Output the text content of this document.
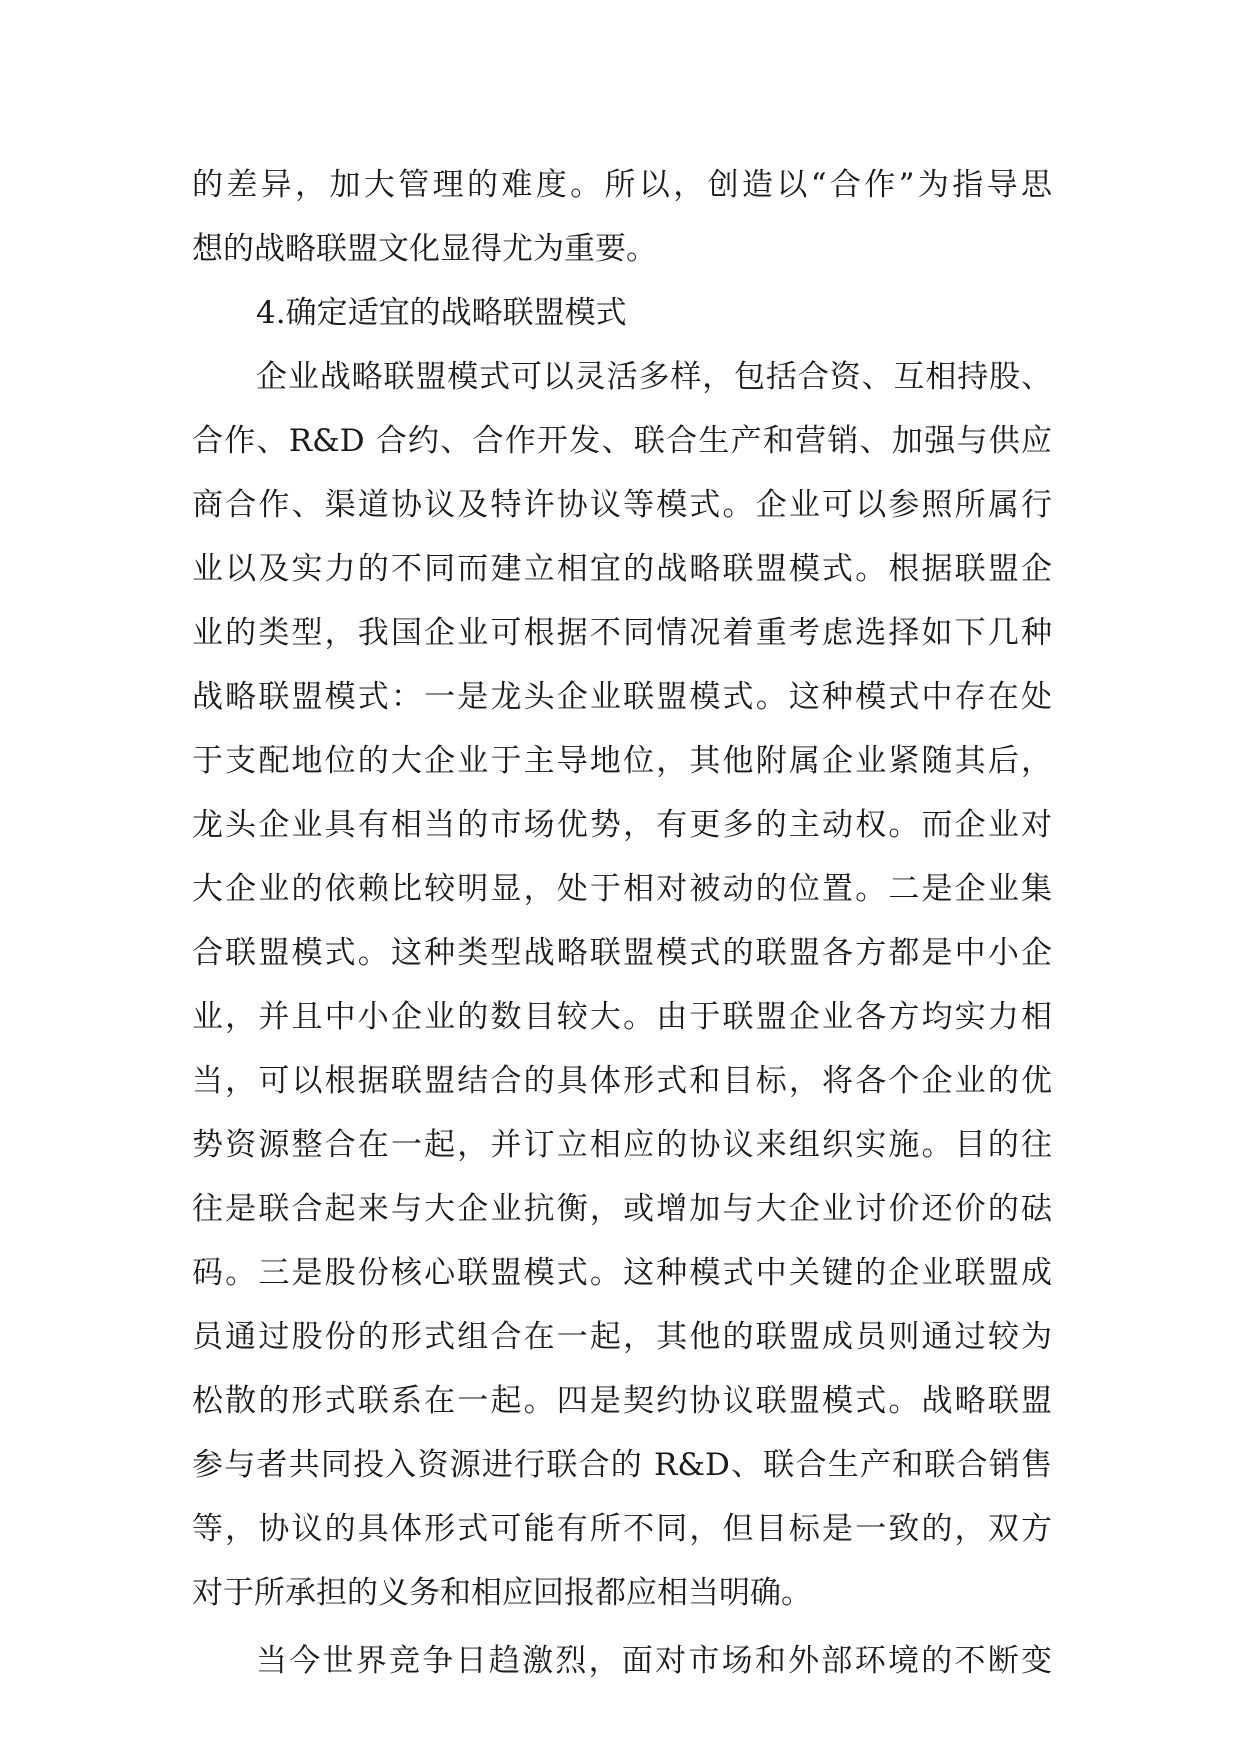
的差异，加大管理的难度。所以，创造以“合作”为指导思
想的战略联盟文化显得尤为重要。
4.确定适宜的战略联盟模式
企业战略联盟模式可以灵活多样，包括合资、互相持股、
合作、R&D 合约、合作开发、联合生产和营销、加强与供应
商合作、渠道协议及特许协议等模式。企业可以参照所属行
业以及实力的不同而建立相宜的战略联盟模式。根据联盟企
业的类型，我国企业可根据不同情况着重考虑选择如下几种
战略联盟模式：一是龙头企业联盟模式。这种模式中存在处
于支配地位的大企业于主导地位，其他附属企业紧随其后，
龙头企业具有相当的市场优势，有更多的主动权。而企业对
大企业的依赖比较明显，处于相对被动的位置。二是企业集
合联盟模式。这种类型战略联盟模式的联盟各方都是中小企
业，并且中小企业的数目较大。由于联盟企业各方均实力相
当，可以根据联盟结合的具体形式和目标，将各个企业的优
势资源整合在一起，并订立相应的协议来组织实施。目的往
往是联合起来与大企业抗衡，或增加与大企业讨价还价的砝
码。三是股份核心联盟模式。这种模式中关键的企业联盟成
员通过股份的形式组合在一起，其他的联盟成员则通过较为
松散的形式联系在一起。四是契约协议联盟模式。战略联盟
参与者共同投入资源进行联合的 R&D、联合生产和联合销售
等，协议的具体形式可能有所不同，但目标是一致的，双方
对于所承担的义务和相应回报都应相当明确。
当今世界竞争日趋激烈，面对市场和外部环境的不断变
